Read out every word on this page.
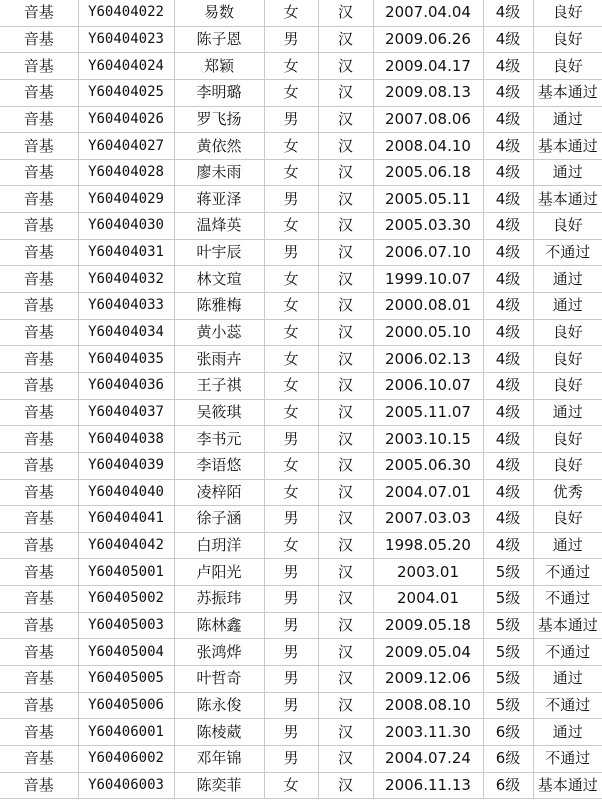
音基	Y60404022	易数	女	汉	2007.04.04	4级	良好
音基	Y60404023	陈子恩	男	汉	2009.06.26	4级	良好
音基	Y60404024	郑颖	女	汉	2009.04.17	4级	良好
音基	Y60404025	李明璐	女	汉	2009.08.13	4级	基本通过
音基	Y60404026	罗飞扬	男	汉	2007.08.06	4级	通过
音基	Y60404027	黄依然	女	汉	2008.04.10	4级	基本通过
音基	Y60404028	廖未雨	女	汉	2005.06.18	4级	通过
音基	Y60404029	蒋亚泽	男	汉	2005.05.11	4级	基本通过
音基	Y60404030	温烽英	女	汉	2005.03.30	4级	良好
音基	Y60404031	叶宇辰	男	汉	2006.07.10	4级	不通过
音基	Y60404032	林文瑄	女	汉	1999.10.07	4级	通过
音基	Y60404033	陈雅梅	女	汉	2000.08.01	4级	通过
音基	Y60404034	黄小蕊	女	汉	2000.05.10	4级	良好
音基	Y60404035	张雨卉	女	汉	2006.02.13	4级	良好
音基	Y60404036	王子祺	女	汉	2006.10.07	4级	良好
音基	Y60404037	吴筱琪	女	汉	2005.11.07	4级	通过
音基	Y60404038	李书元	男	汉	2003.10.15	4级	良好
音基	Y60404039	李语悠	女	汉	2005.06.30	4级	良好
音基	Y60404040	凌梓陌	女	汉	2004.07.01	4级	优秀
音基	Y60404041	徐子涵	男	汉	2007.03.03	4级	良好
音基	Y60404042	白玥洋	女	汉	1998.05.20	4级	通过
音基	Y60405001	卢阳光	男	汉	2003.01	5级	不通过
音基	Y60405002	苏振玮	男	汉	2004.01	5级	不通过
音基	Y60405003	陈林鑫	男	汉	2009.05.18	5级	基本通过
音基	Y60405004	张鸿烨	男	汉	2009.05.04	5级	不通过
音基	Y60405005	叶哲奇	男	汉	2009.12.06	5级	通过
音基	Y60405006	陈永俊	男	汉	2008.08.10	5级	不通过
音基	Y60406001	陈棱葳	男	汉	2003.11.30	6级	通过
音基	Y60406002	邓年锦	男	汉	2004.07.24	6级	不通过
音基	Y60406003	陈奕菲	女	汉	2006.11.13	6级	基本通过
